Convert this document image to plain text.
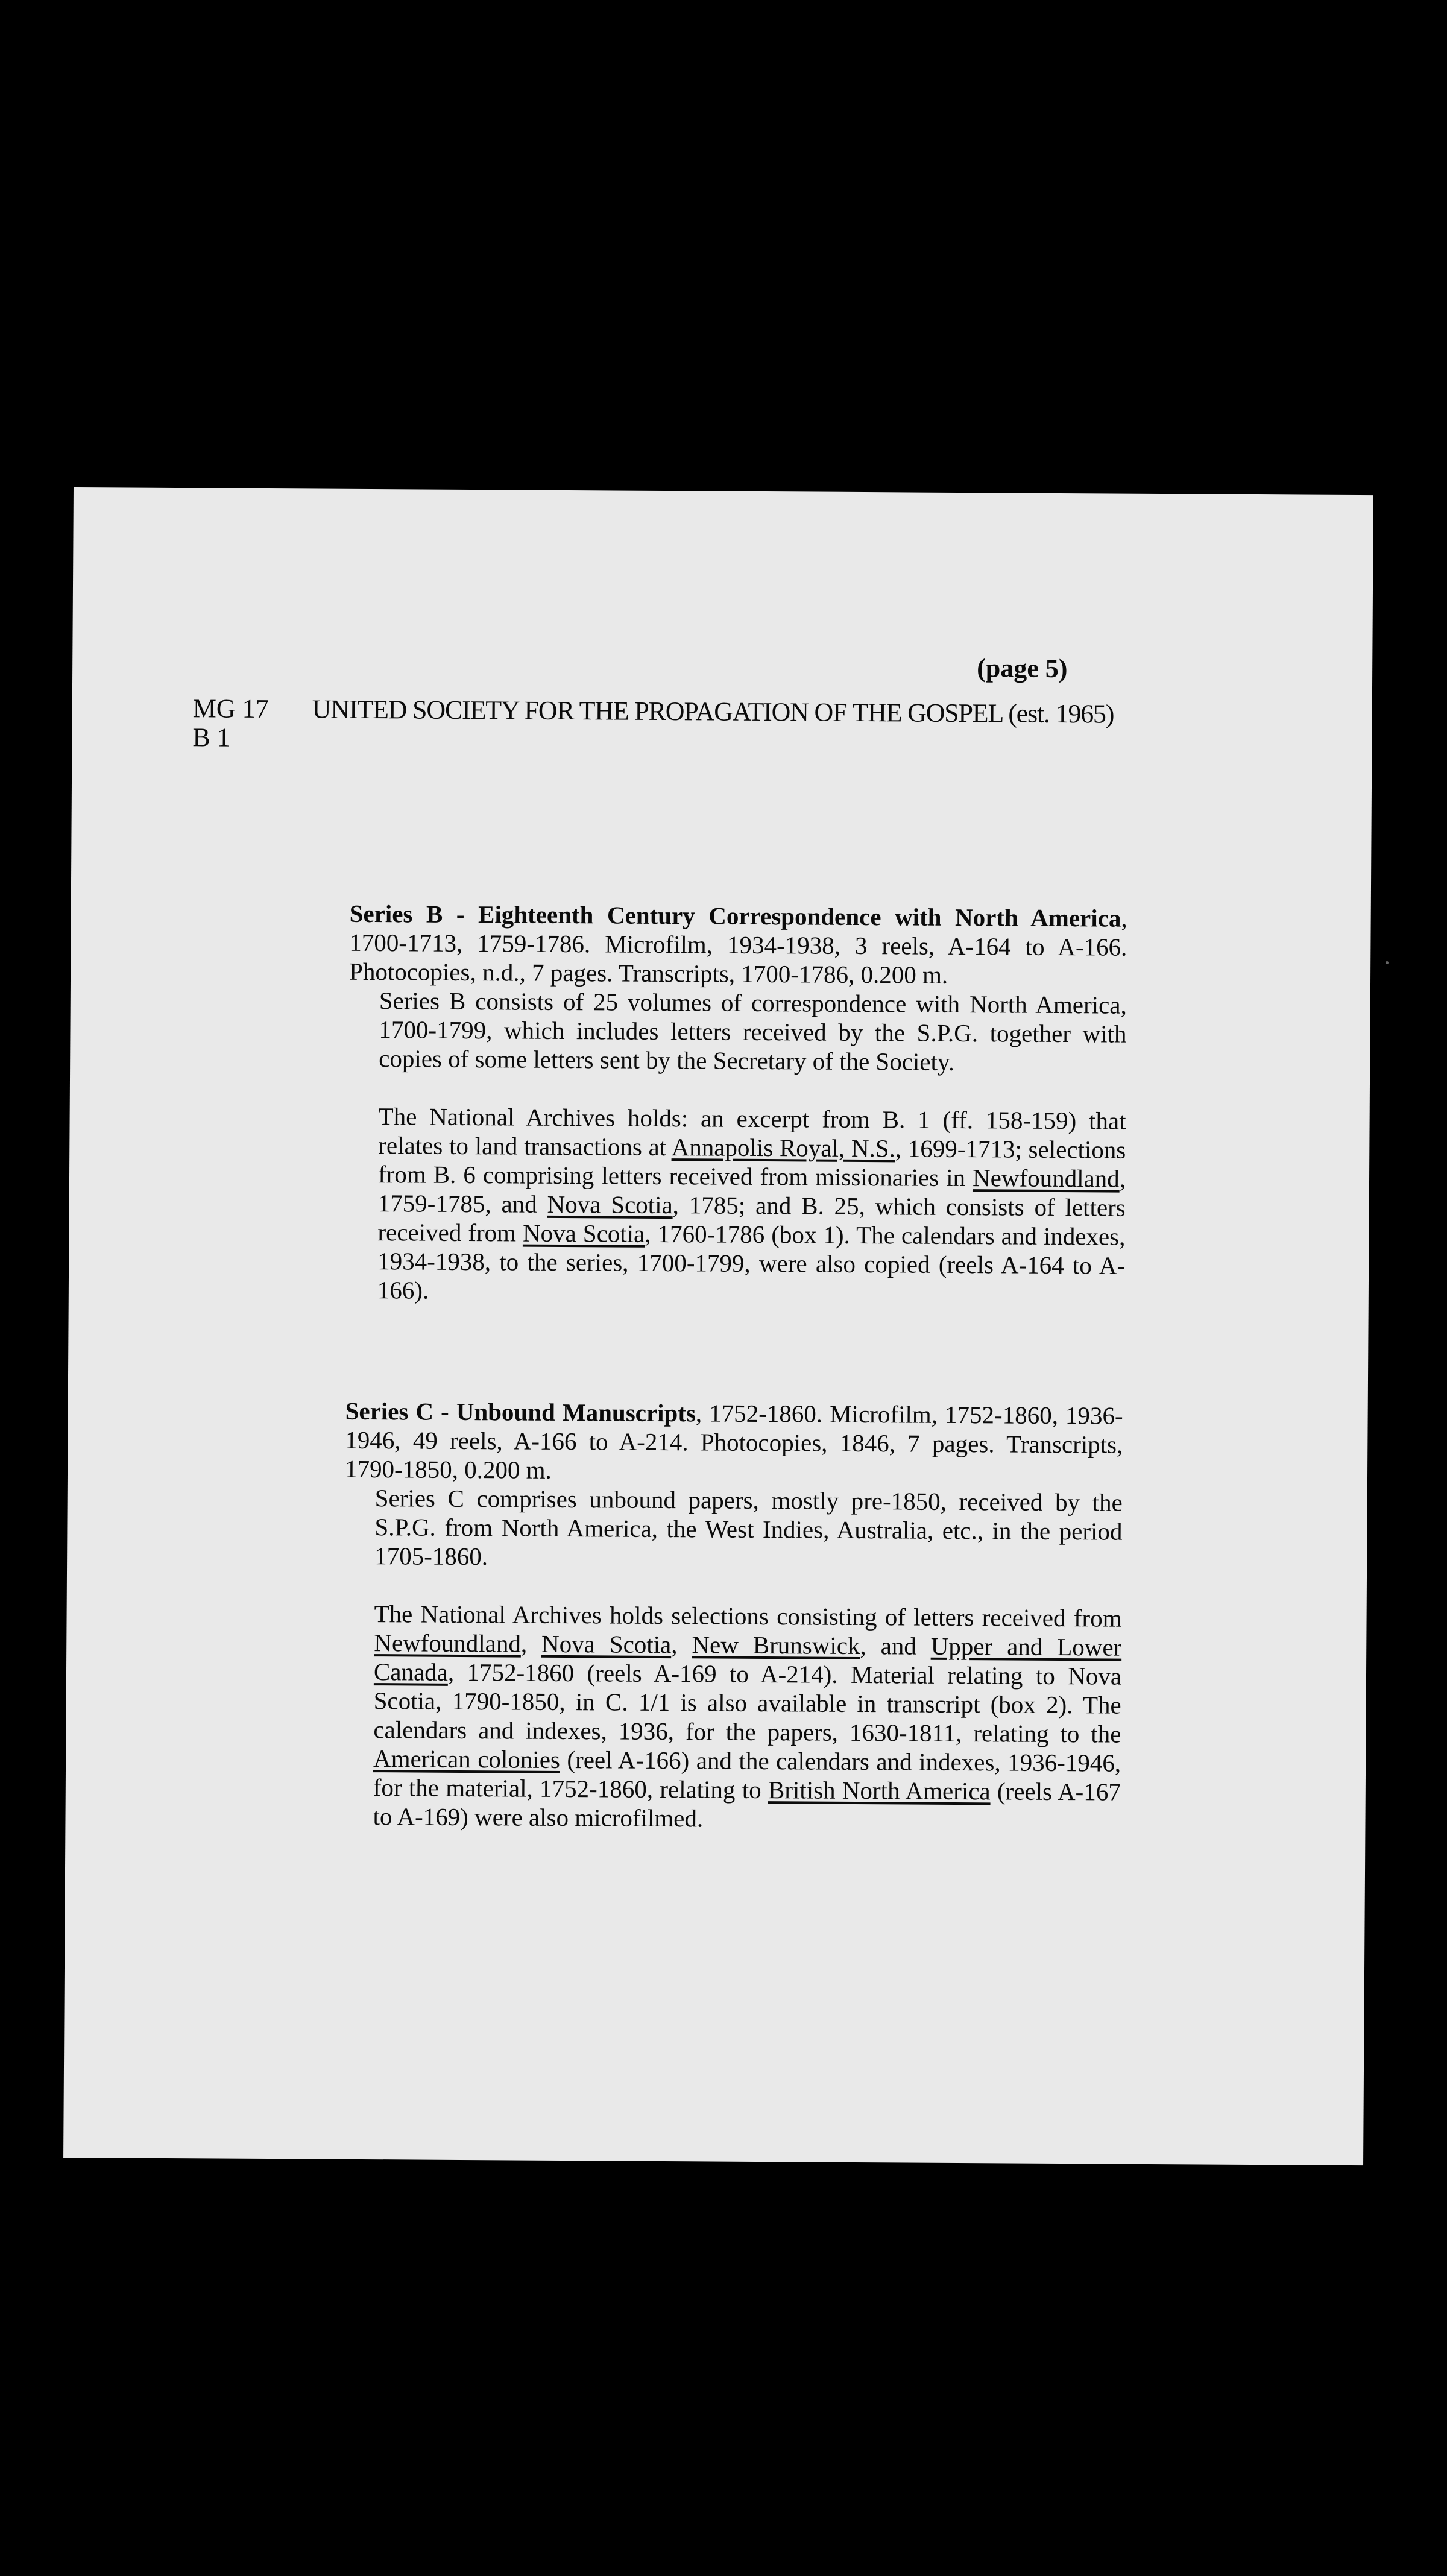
(page 5)
MG 17
B 1
UNITED SOCIETY FOR THE PROPAGATION OF THE GOSPEL (est. 1965)
Series B - Eighteenth Century Correspondence with North America, 1700-1713, 1759-1786. Microfilm, 1934-1938, 3 reels, A-164 to A-166. Photocopies, n.d., 7 pages. Transcripts, 1700-1786, 0.200 m.
Series B consists of 25 volumes of correspondence with North America, 1700-1799, which includes letters received by the S.P.G. together with copies of some letters sent by the Secretary of the Society.
The National Archives holds: an excerpt from B. 1 (ff. 158-159) that relates to land transactions at Annapolis Royal, N.S., 1699-1713; selections from B. 6 comprising letters received from missionaries in Newfoundland, 1759-1785, and Nova Scotia, 1785; and B. 25, which consists of letters received from Nova Scotia, 1760-1786 (box 1). The calendars and indexes, 1934-1938, to the series, 1700-1799, were also copied (reels A-164 to A-166).
Series C - Unbound Manuscripts, 1752-1860. Microfilm, 1752-1860, 1936-1946, 49 reels, A-166 to A-214. Photocopies, 1846, 7 pages. Transcripts, 1790-1850, 0.200 m.
Series C comprises unbound papers, mostly pre-1850, received by the S.P.G. from North America, the West Indies, Australia, etc., in the period 1705-1860.
The National Archives holds selections consisting of letters received from Newfoundland, Nova Scotia, New Brunswick, and Upper and Lower Canada, 1752-1860 (reels A-169 to A-214). Material relating to Nova Scotia, 1790-1850, in C. 1/1 is also available in transcript (box 2). The calendars and indexes, 1936, for the papers, 1630-1811, relating to the American colonies (reel A-166) and the calendars and indexes, 1936-1946, for the material, 1752-1860, relating to British North America (reels A-167 to A-169) were also microfilmed.
